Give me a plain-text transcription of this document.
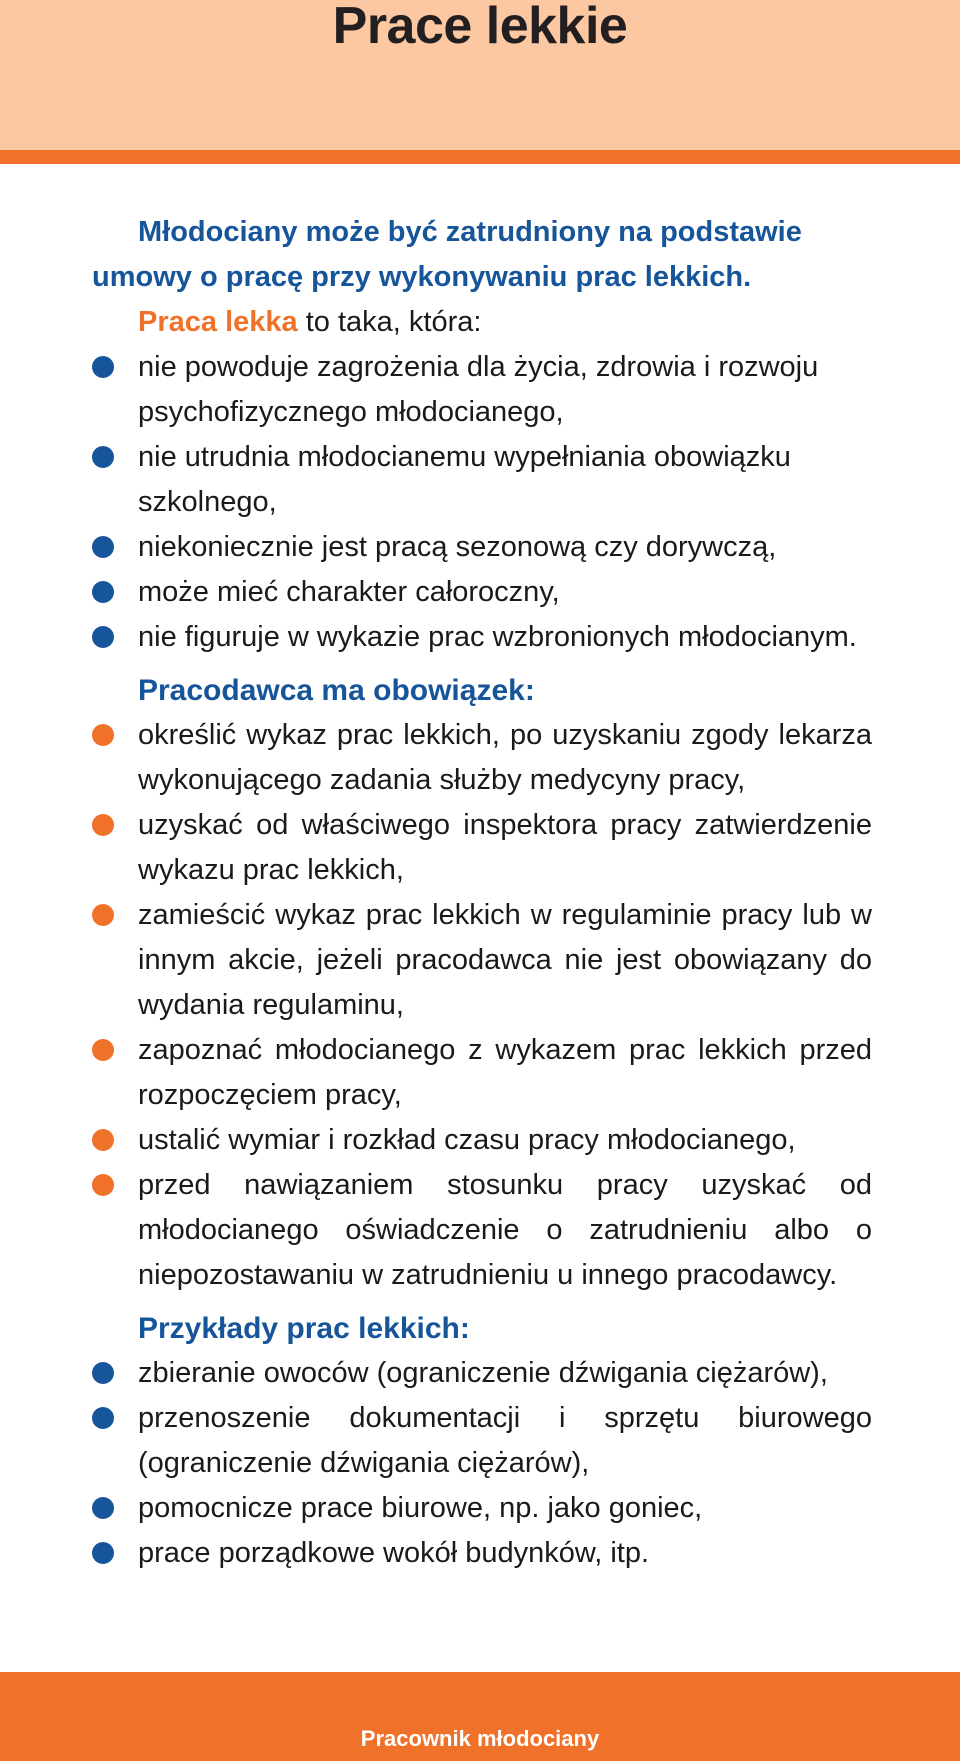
Prace lekkie

Młodociany może być zatrudniony na podstawie umowy o pracę przy wykonywaniu prac lekkich.

Praca lekka to taka, która:

nie powoduje zagrożenia dla życia, zdrowia i rozwoju psychofizycznego młodocianego,
nie utrudnia młodocianemu wypełniania obowiązku szkolnego,
niekoniecznie jest pracą sezonową czy dorywczą,
może mieć charakter całoroczny,
nie figuruje w wykazie prac wzbronionych młodocianym.

Pracodawca ma obowiązek:

określić wykaz prac lekkich, po uzyskaniu zgody lekarza wykonującego zadania służby medycyny pracy,
uzyskać od właściwego inspektora pracy zatwierdzenie wykazu prac lekkich,
zamieścić wykaz prac lekkich w regulaminie pracy lub w innym akcie, jeżeli pracodawca nie jest obowiązany do wydania regulaminu,
zapoznać młodocianego z wykazem prac lekkich przed rozpoczęciem pracy,
ustalić wymiar i rozkład czasu pracy młodocianego,
przed nawiązaniem stosunku pracy uzyskać od młodocianego oświadczenie o zatrudnieniu albo o niepozostawaniu w zatrudnieniu u innego pracodawcy.

Przykłady prac lekkich:

zbieranie owoców (ograniczenie dźwigania ciężarów),
przenoszenie dokumentacji i sprzętu biurowego (ograniczenie dźwigania ciężarów),
pomocnicze prace biurowe, np. jako goniec,
prace porządkowe wokół budynków, itp.
Pracownik młodociany
